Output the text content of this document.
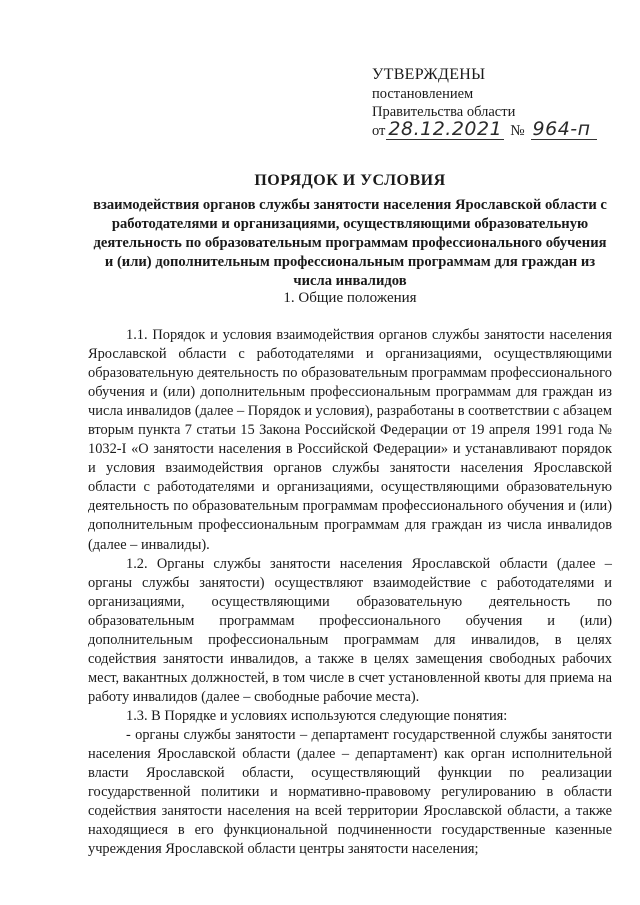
УТВЕРЖДЕНЫ
постановлением
Правительства области
от 28.12.2021 № 964-п
ПОРЯДОК И УСЛОВИЯ
взаимодействия органов службы занятости населения Ярославской области с работодателями и организациями, осуществляющими образовательную деятельность по образовательным программам профессионального обучения и (или) дополнительным профессиональным программам для граждан из числа инвалидов
1. Общие положения

1.1. Порядок и условия взаимодействия органов службы занятости населения Ярославской области с работодателями и организациями, осуществляющими образовательную деятельность по образовательным программам профессионального обучения и (или) дополнительным профессиональным программам для граждан из числа инвалидов (далее – Порядок и условия), разработаны в соответствии с абзацем вторым пункта 7 статьи 15 Закона Российской Федерации от 19 апреля 1991 года № 1032-I «О занятости населения в Российской Федерации» и устанавливают порядок и условия взаимодействия органов службы занятости населения Ярославской области с работодателями и организациями, осуществляющими образовательную деятельность по образовательным программам профессионального обучения и (или) дополнительным профессиональным программам для граждан из числа инвалидов (далее – инвалиды).

1.2. Органы службы занятости населения Ярославской области (далее – органы службы занятости) осуществляют взаимодействие с работодателями и организациями, осуществляющими образовательную деятельность по образовательным программам профессионального обучения и (или) дополнительным профессиональным программам для инвалидов, в целях содействия занятости инвалидов, а также в целях замещения свободных рабочих мест, вакантных должностей, в том числе в счет установленной квоты для приема на работу инвалидов (далее – свободные рабочие места).

1.3. В Порядке и условиях используются следующие понятия:

- органы службы занятости – департамент государственной службы занятости населения Ярославской области (далее – департамент) как орган исполнительной власти Ярославской области, осуществляющий функции по реализации государственной политики и нормативно-правовому регулированию в области содействия занятости населения на всей территории Ярославской области, а также находящиеся в его функциональной подчиненности государственные казенные учреждения Ярославской области центры занятости населения;
